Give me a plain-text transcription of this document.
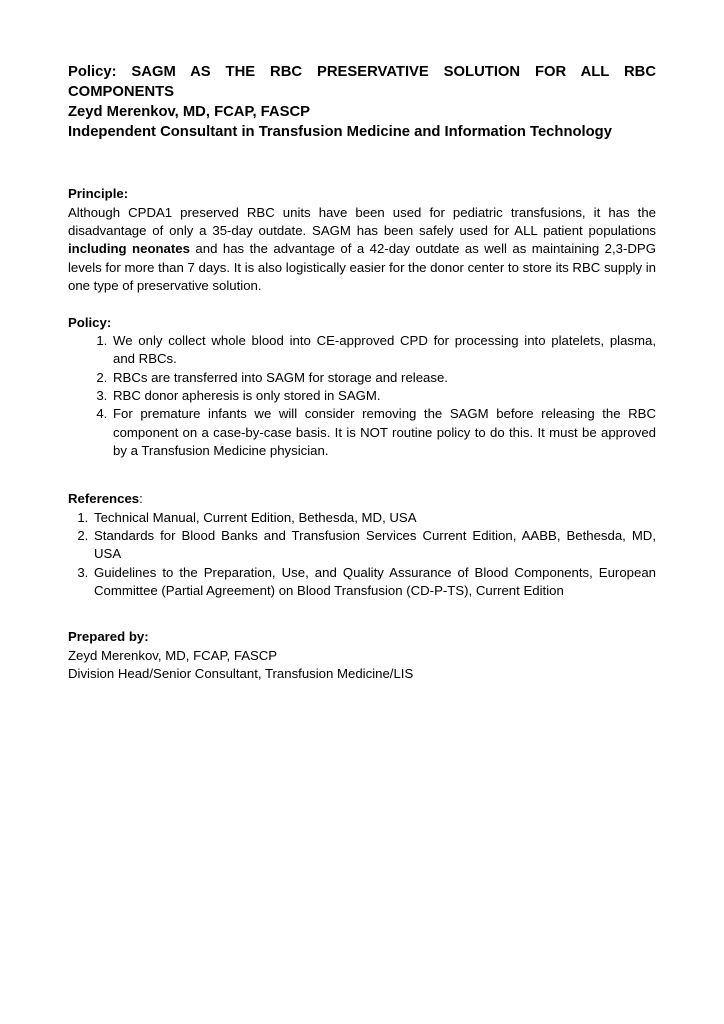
Policy: SAGM AS THE RBC PRESERVATIVE SOLUTION FOR ALL RBC COMPONENTS

Zeyd Merenkov, MD, FCAP, FASCP

Independent Consultant in Transfusion Medicine and Information Technology

Principle:

Although CPDA1 preserved RBC units have been used for pediatric transfusions, it has the disadvantage of only a 35-day outdate. SAGM has been safely used for ALL patient populations including neonates and has the advantage of a 42-day outdate as well as maintaining 2,3-DPG levels for more than 7 days. It is also logistically easier for the donor center to store its RBC supply in one type of preservative solution.

Policy:

1. We only collect whole blood into CE-approved CPD for processing into platelets, plasma, and RBCs.
2. RBCs are transferred into SAGM for storage and release.
3. RBC donor apheresis is only stored in SAGM.
4. For premature infants we will consider removing the SAGM before releasing the RBC component on a case-by-case basis. It is NOT routine policy to do this. It must be approved by a Transfusion Medicine physician.

References:

1. Technical Manual, Current Edition, Bethesda, MD, USA
2. Standards for Blood Banks and Transfusion Services Current Edition, AABB, Bethesda, MD, USA
3. Guidelines to the Preparation, Use, and Quality Assurance of Blood Components, European Committee (Partial Agreement) on Blood Transfusion (CD-P-TS), Current Edition

Prepared by:

Zeyd Merenkov, MD, FCAP, FASCP

Division Head/Senior Consultant, Transfusion Medicine/LIS
